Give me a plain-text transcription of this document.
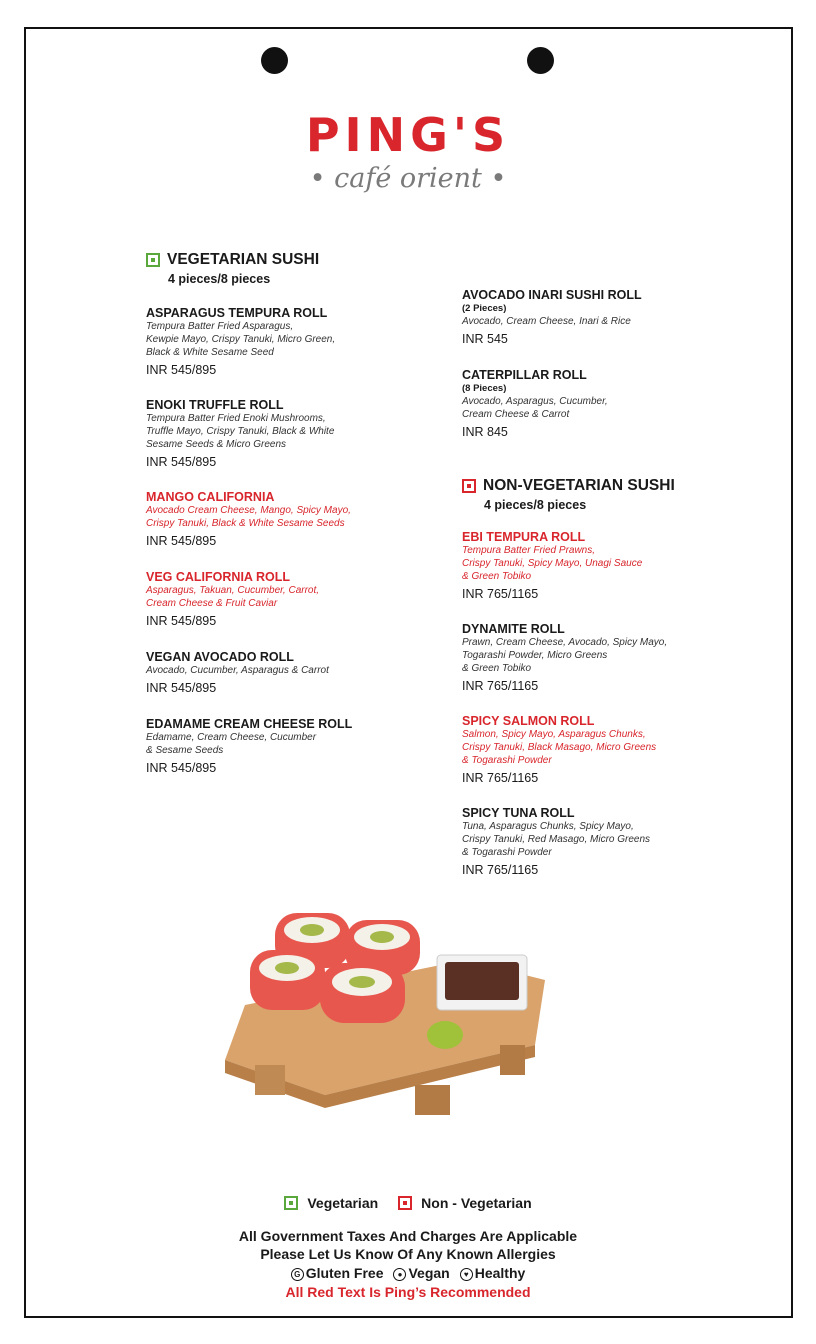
PING'S
• café orient •
VEGETARIAN SUSHI
4 pieces/8 pieces
NON-VEGETARIAN SUSHI
4 pieces/8 pieces
ASPARAGUS TEMPURA ROLL
Tempura Batter Fried Asparagus,
Kewpie Mayo, Crispy Tanuki, Micro Green,
Black & White Sesame Seed
INR 545/895
ENOKI TRUFFLE ROLL
Tempura Batter Fried Enoki Mushrooms,
Truffle Mayo, Crispy Tanuki, Black & White
Sesame Seeds & Micro Greens
INR 545/895
MANGO CALIFORNIA
Avocado Cream Cheese, Mango, Spicy Mayo,
Crispy Tanuki, Black & White Sesame Seeds
INR 545/895
VEG CALIFORNIA ROLL
Asparagus, Takuan, Cucumber, Carrot,
Cream Cheese & Fruit Caviar
INR 545/895
VEGAN AVOCADO ROLL
Avocado, Cucumber, Asparagus & Carrot
INR 545/895
EDAMAME CREAM CHEESE ROLL
Edamame, Cream Cheese, Cucumber
& Sesame Seeds
INR 545/895
AVOCADO INARI SUSHI ROLL
(2 Pieces)
Avocado, Cream Cheese, Inari & Rice
INR 545
CATERPILLAR ROLL
(8 Pieces)
Avocado, Asparagus, Cucumber,
Cream Cheese & Carrot
INR 845
EBI TEMPURA ROLL
Tempura Batter Fried Prawns,
Crispy Tanuki, Spicy Mayo, Unagi Sauce
& Green Tobiko
INR 765/1165
DYNAMITE ROLL
Prawn, Cream Cheese, Avocado, Spicy Mayo,
Togarashi Powder, Micro Greens
& Green Tobiko
INR 765/1165
SPICY SALMON ROLL
Salmon, Spicy Mayo, Asparagus Chunks,
Crispy Tanuki, Black Masago, Micro Greens
& Togarashi Powder
INR 765/1165
SPICY TUNA ROLL
Tuna, Asparagus Chunks, Spicy Mayo,
Crispy Tanuki, Red Masago, Micro Greens
& Togarashi Powder
INR 765/1165
Vegetarian	Non - Vegetarian
All Government Taxes And Charges Are Applicable
Please Let Us Know Of Any Known Allergies
G Gluten Free	● Vegan	♥ Healthy
All Red Text Is Ping’s Recommended
